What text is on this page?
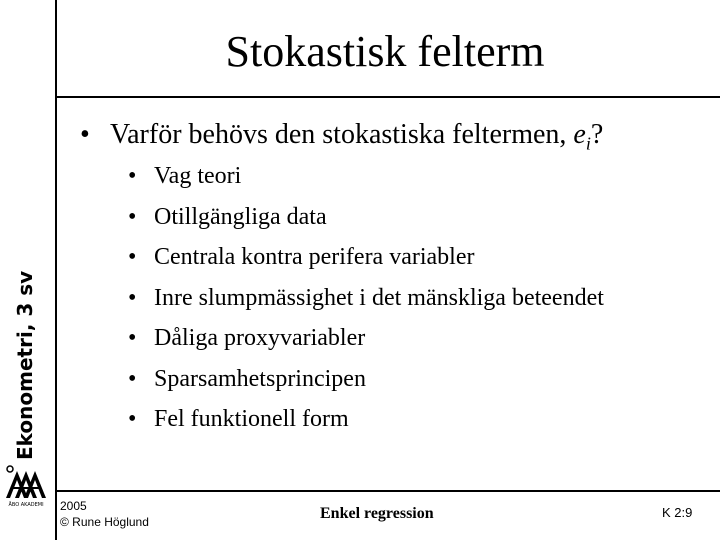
Ekonometri, 3 sv
Stokastisk felterm
• Varför behövs den stokastiska feltermen, $e_i$?
• Vag teori
• Otillgängliga data
• Centrala kontra perifera variabler
• Inre slumpmässighet i det mänskliga beteendet
• Dåliga proxyvariabler
• Sparsamhetsprincipen
• Fel funktionell form
ÅBO AKADEMI 2005
© Rune Höglund	Enkel regression	K 2:9
